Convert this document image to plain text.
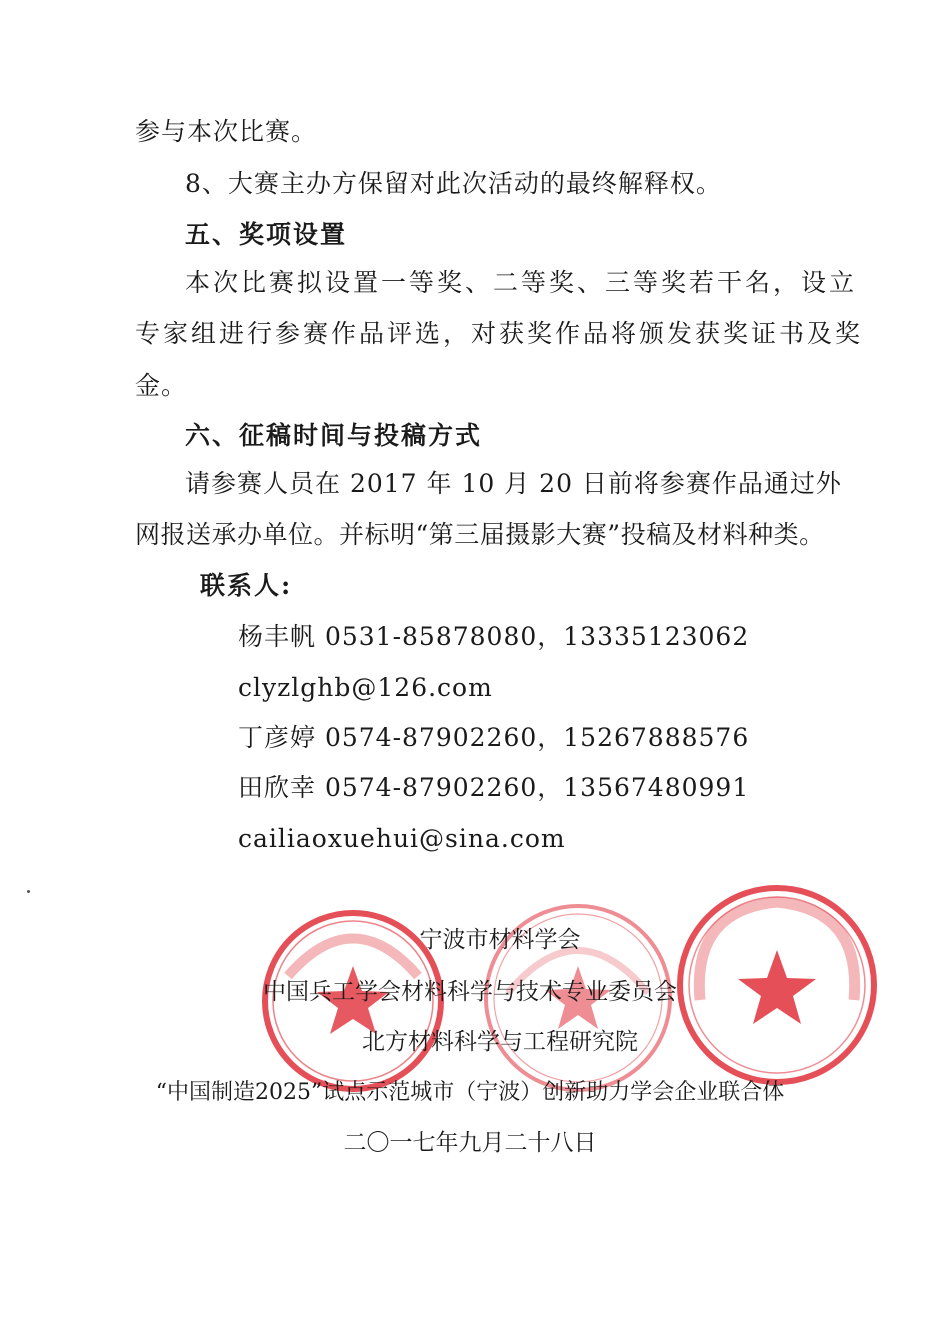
参与本次比赛。
8、大赛主办方保留对此次活动的最终解释权。
五、奖项设置
本次比赛拟设置一等奖、二等奖、三等奖若干名，设立
专家组进行参赛作品评选，对获奖作品将颁发获奖证书及奖
金。
六、征稿时间与投稿方式
请参赛人员在 2017 年 10 月 20 日前将参赛作品通过外
网报送承办单位。并标明“第三届摄影大赛”投稿及材料种类。
联系人:
杨丰帆 0531-85878080，13335123062
clyzlghb@126.com
丁彦婷 0574-87902260，15267888576
田欣幸 0574-87902260，13567480991
cailiaoxuehui@sina.com
宁波市材料学会
中国兵工学会材料科学与技术专业委员会
北方材料科学与工程研究院
“中国制造2025”试点示范城市（宁波）创新助力学会企业联合体
二〇一七年九月二十八日
